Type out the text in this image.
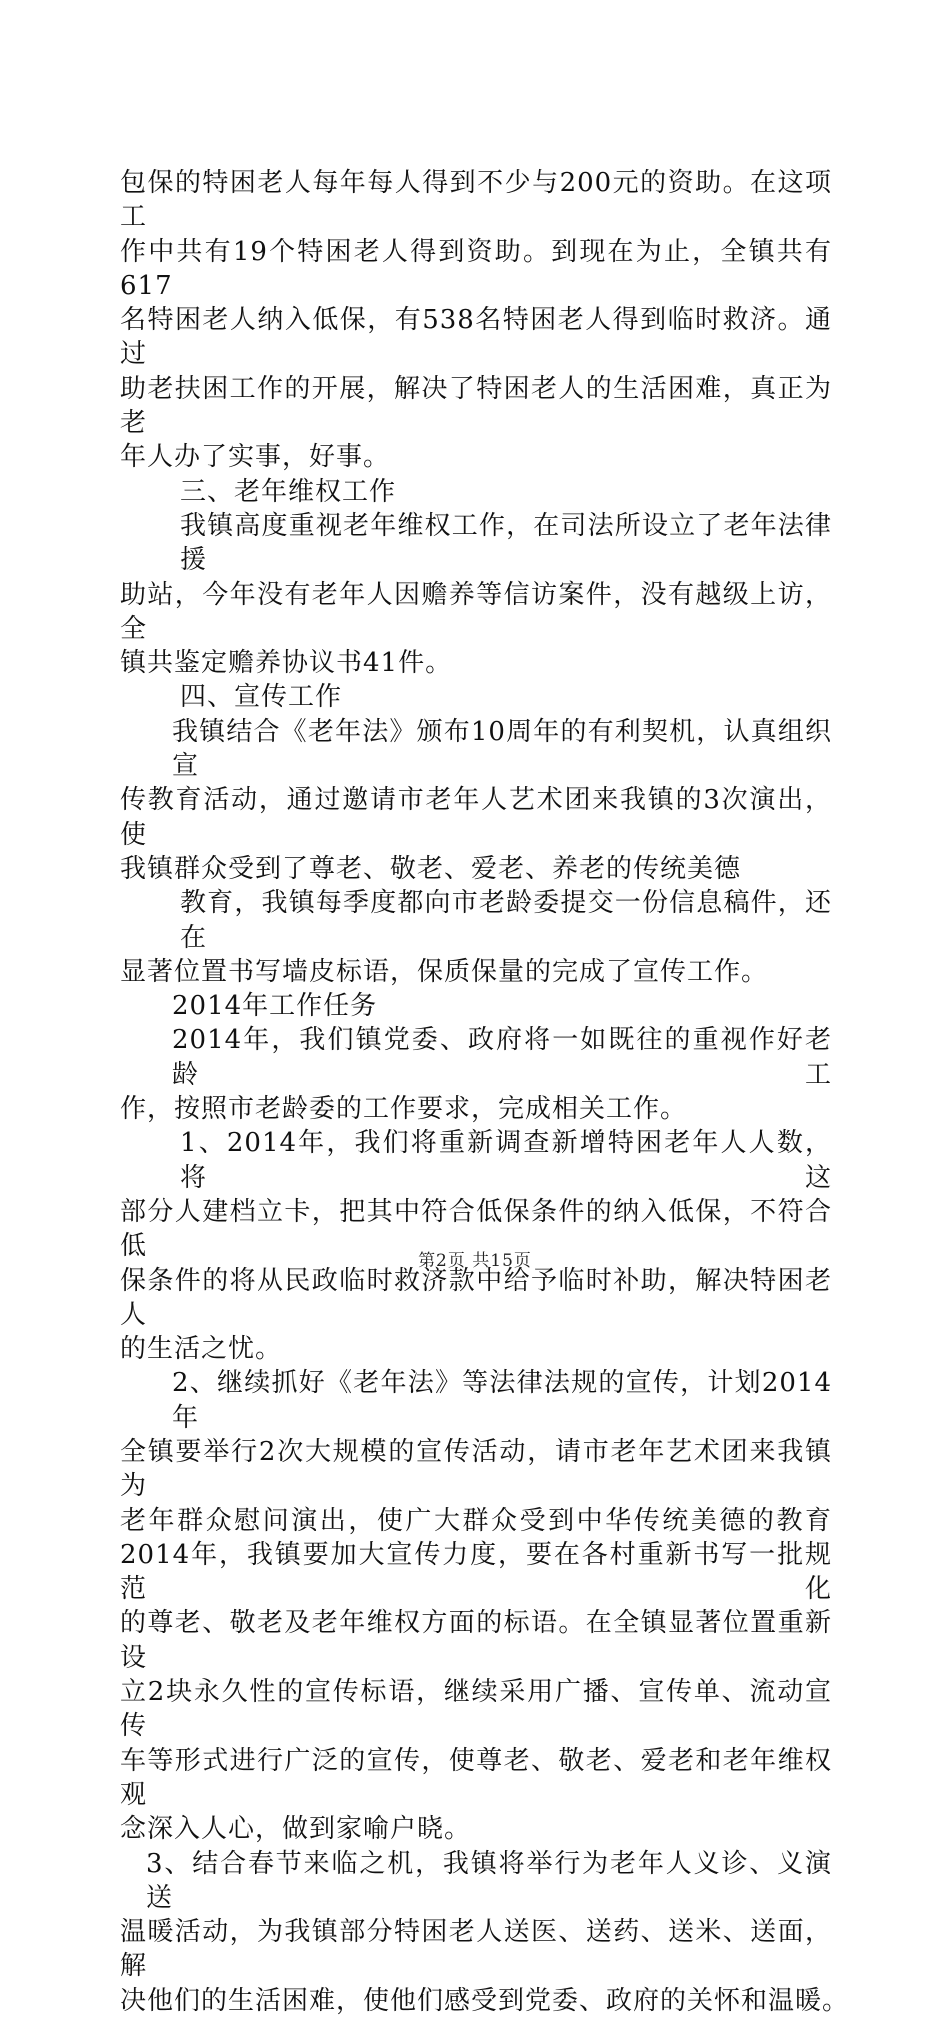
包保的特困老人每年每人得到不少与200元的资助。在这项工
作中共有19个特困老人得到资助。到现在为止，全镇共有617
名特困老人纳入低保，有538名特困老人得到临时救济。通过
助老扶困工作的开展，解决了特困老人的生活困难，真正为老
年人办了实事，好事。
三、老年维权工作
我镇高度重视老年维权工作，在司法所设立了老年法律援
助站，今年没有老年人因赡养等信访案件，没有越级上访，全
镇共鉴定赡养协议书41件。
四、宣传工作
我镇结合《老年法》颁布10周年的有利契机，认真组织宣
传教育活动，通过邀请市老年人艺术团来我镇的3次演出，使
我镇群众受到了尊老、敬老、爱老、养老的传统美德
教育，我镇每季度都向市老龄委提交一份信息稿件，还在
显著位置书写墙皮标语，保质保量的完成了宣传工作。
2014年工作任务
2014年，我们镇党委、政府将一如既往的重视作好老龄工
作，按照市老龄委的工作要求，完成相关工作。
1、2014年，我们将重新调查新增特困老年人人数，将这
部分人建档立卡，把其中符合低保条件的纳入低保，不符合低
保条件的将从民政临时救济款中给予临时补助，解决特困老人
的生活之忧。
2、继续抓好《老年法》等法律法规的宣传，计划2014年
全镇要举行2次大规模的宣传活动，请市老年艺术团来我镇为
老年群众慰问演出，使广大群众受到中华传统美德的教育
2014年，我镇要加大宣传力度，要在各村重新书写一批规范化
的尊老、敬老及老年维权方面的标语。在全镇显著位置重新设
立2块永久性的宣传标语，继续采用广播、宣传单、流动宣传
车等形式进行广泛的宣传，使尊老、敬老、爱老和老年维权观
念深入人心，做到家喻户晓。
3、结合春节来临之机，我镇将举行为老年人义诊、义演送
温暖活动，为我镇部分特困老人送医、送药、送米、送面，解
决他们的生活困难，使他们感受到党委、政府的关怀和温暖。
第2页 共15页
